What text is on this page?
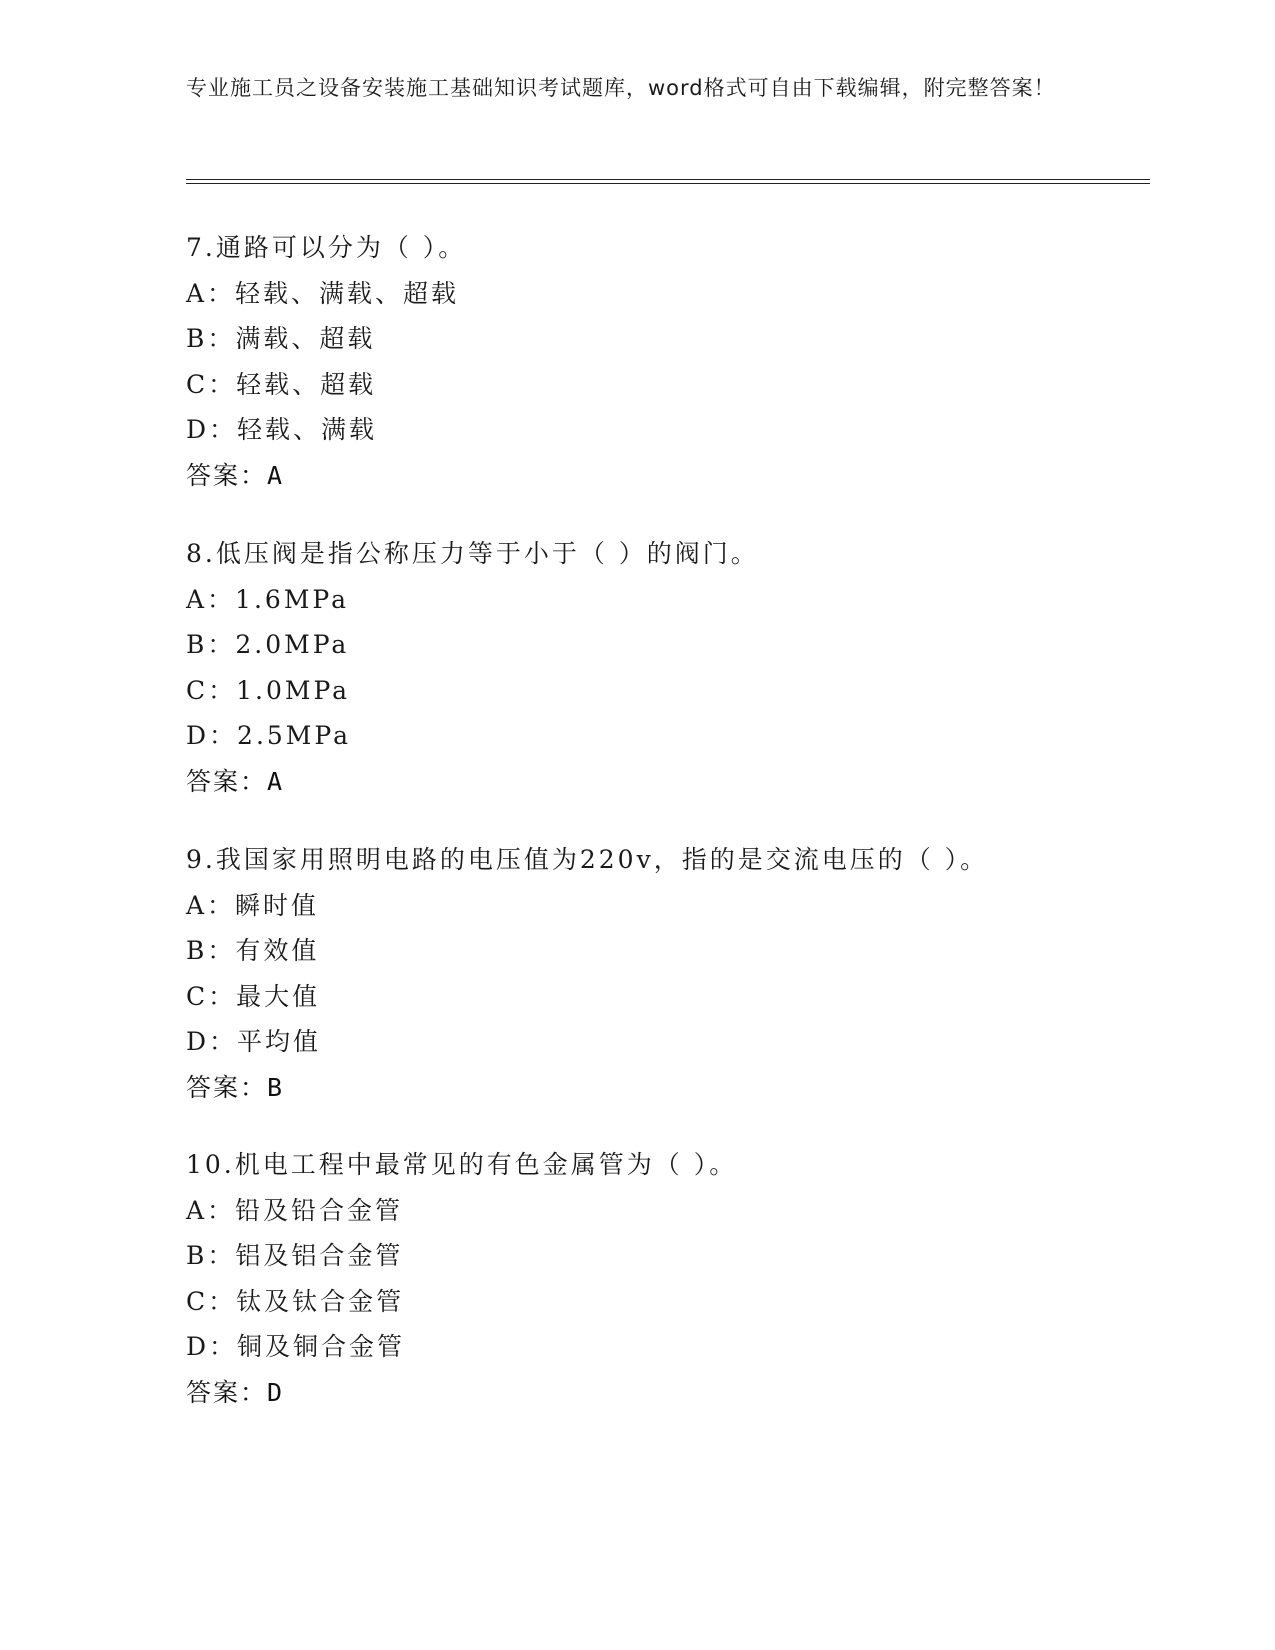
专业施工员之设备安装施工基础知识考试题库，word格式可自由下载编辑，附完整答案！
7.通路可以分为（ ）。
A：轻载、满载、超载
B：满载、超载
C：轻载、超载
D：轻载、满载
答案：A
8.低压阀是指公称压力等于小于（ ）的阀门。
A：1.6MPa
B：2.0MPa
C：1.0MPa
D：2.5MPa
答案：A
9.我国家用照明电路的电压值为220v，指的是交流电压的（ ）。
A：瞬时值
B：有效值
C：最大值
D：平均值
答案：B
10.机电工程中最常见的有色金属管为（ ）。
A：铅及铅合金管
B：铝及铝合金管
C：钛及钛合金管
D：铜及铜合金管
答案：D
